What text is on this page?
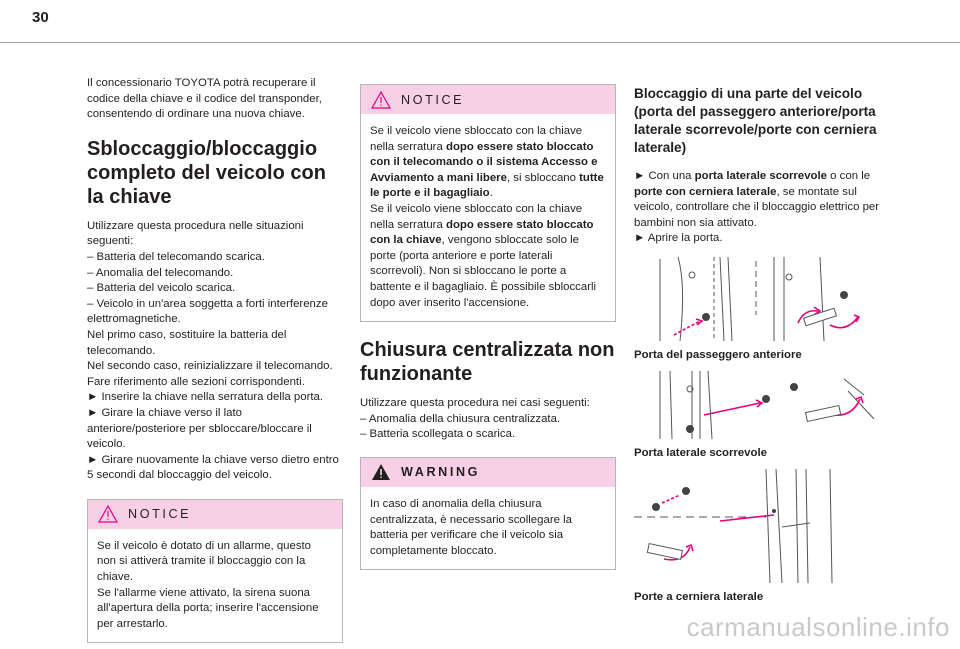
30

Il concessionario TOYOTA potrà recuperare il codice della chiave e il codice del transponder, consentendo di ordinare una nuova chiave.

Sbloccaggio/bloccaggio completo del veicolo con la chiave

Utilizzare questa procedura nelle situazioni seguenti:

– Batteria del telecomando scarica.

– Anomalia del telecomando.

– Batteria del veicolo scarica.

– Veicolo in un'area soggetta a forti interferenze elettromagnetiche.

Nel primo caso, sostituire la batteria del telecomando.

Nel secondo caso, reinizializzare il telecomando.

Fare riferimento alle sezioni corrispondenti.

► Inserire la chiave nella serratura della porta.

► Girare la chiave verso il lato anteriore/posteriore per sbloccare/bloccare il veicolo.

► Girare nuovamente la chiave verso dietro entro 5 secondi dal bloccaggio del veicolo.

NOTICE

Se il veicolo è dotato di un allarme, questo non si attiverà tramite il bloccaggio con la chiave.

Se l'allarme viene attivato, la sirena suona all'apertura della porta; inserire l'accensione per arrestarlo.

NOTICE

Se il veicolo viene sbloccato con la chiave nella serratura dopo essere stato bloccato con il telecomando o il sistema Accesso e Avviamento a mani libere, si sbloccano tutte le porte e il bagagliaio.

Se il veicolo viene sbloccato con la chiave nella serratura dopo essere stato bloccato con la chiave, vengono sbloccate solo le porte (porta anteriore e porte laterali scorrevoli). Non si sbloccano le porte a battente e il bagagliaio. È possibile sbloccarli dopo aver inserito l'accensione.

Chiusura centralizzata non funzionante

Utilizzare questa procedura nei casi seguenti:

– Anomalia della chiusura centralizzata.

– Batteria scollegata o scarica.

WARNING

In caso di anomalia della chiusura centralizzata, è necessario scollegare la batteria per verificare che il veicolo sia completamente bloccato.

Bloccaggio di una parte del veicolo (porta del passeggero anteriore/porta laterale scorrevole/porte con cerniera laterale)

► Con una porta laterale scorrevole o con le porte con cerniera laterale, se montate sul veicolo, controllare che il bloccaggio elettrico per bambini non sia attivato.

► Aprire la porta.

Porta del passeggero anteriore
Porta laterale scorrevole
Porte a cerniera laterale
carmanualsonline.info
